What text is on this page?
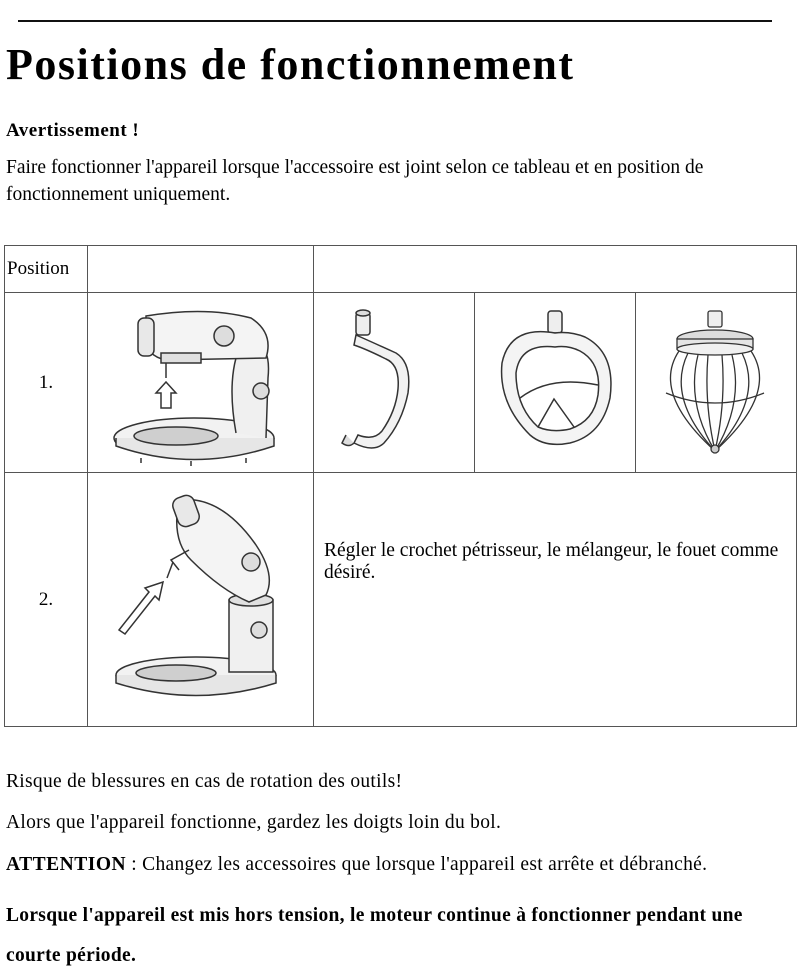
Positions de fonctionnement
Avertissement !
Faire fonctionner l'appareil lorsque l'accessoire est joint selon ce tableau et en position de fonctionnement uniquement.
Position				
1.	

2.		Régler le crochet pétrisseur, le mélangeur, le fouet comme désiré.		
Risque de blessures en cas de rotation des outils!
Alors que l'appareil fonctionne, gardez les doigts loin du bol.
ATTENTION : Changez les accessoires que lorsque l'appareil est arrête et débranché.
Lorsque l'appareil est mis hors tension, le moteur continue à fonctionner pendant une courte période.
